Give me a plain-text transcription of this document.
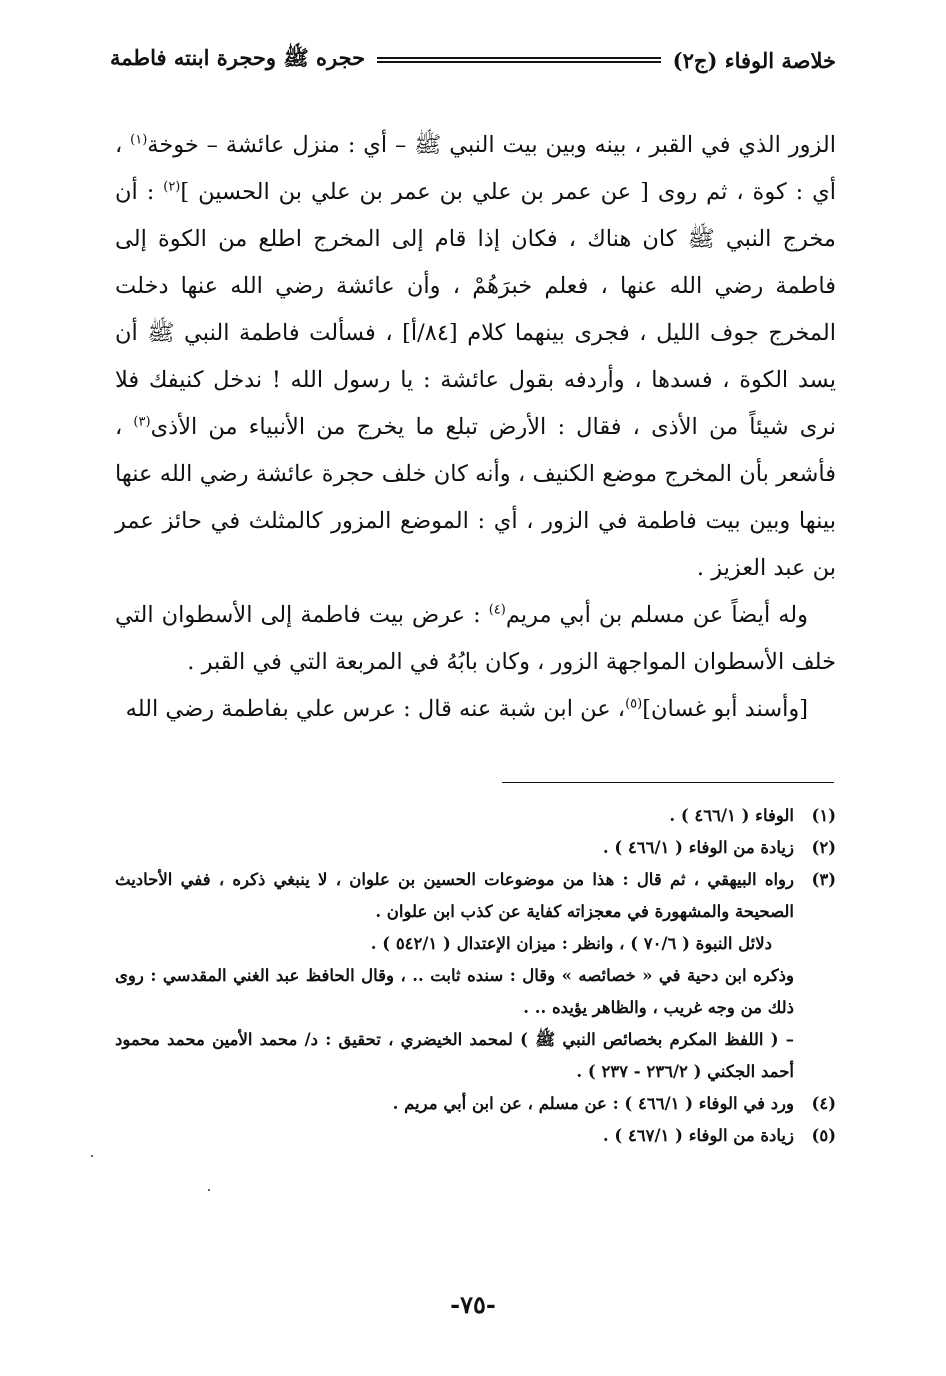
خلاصة الوفاء (ج٢)
حجره ﷺ وحجرة ابنته فاطمة

الزور الذي في القبر ، بينه وبين بيت النبي ﷺ – أي : منزل عائشة – خوخة$^{(١)}$ ، أي : كوة ، ثم روى [ عن عمر بن علي بن عمر بن علي بن الحسين ]$^{(٢)}$ : أن مخرج النبي ﷺ كان هناك ، فكان إذا قام إلى المخرج اطلع من الكوة إلى فاطمة رضي الله عنها ، فعلم خبرَهُمْ ، وأن عائشة رضي الله عنها دخلت المخرج جوف الليل ، فجرى بينهما كلام [٨٤/أ] ، فسألت فاطمة النبي ﷺ أن يسد الكوة ، فسدها ، وأردفه بقول عائشة : يا رسول الله ! ندخل كنيفك فلا نرى شيئاً من الأذى ، فقال : الأرض تبلع ما يخرج من الأنبياء من الأذى$^{(٣)}$ ، فأشعر بأن المخرج موضع الكنيف ، وأنه كان خلف حجرة عائشة رضي الله عنها بينها وبين بيت فاطمة في الزور ، أي : الموضع المزور كالمثلث في حائز عمر بن عبد العزيز .

وله أيضاً عن مسلم بن أبي مريم$^{(٤)}$ : عرض بيت فاطمة إلى الأسطوان التي خلف الأسطوان المواجهة الزور ، وكان بابُهُ في المربعة التي في القبر .

[وأسند أبو غسان]$^{(٥)}$، عن ابن شبة عنه قال : عرس علي بفاطمة رضي الله

(١)
الوفاء ( ٤٦٦/١ ) .
(٢)
زيادة من الوفاء ( ٤٦٦/١ ) .
(٣)
رواه البيهقي ، ثم قال : هذا من موضوعات الحسين بن علوان ، لا ينبغي ذكره ، ففي الأحاديث الصحيحة والمشهورة في معجزاته كفاية عن كذب ابن علوان .
دلائل النبوة ( ٧٠/٦ ) ، وانظر : ميزان الإعتدال ( ٥٤٢/١ ) .
وذكره ابن دحية في « خصائصه » وقال : سنده ثابت .. ، وقال الحافظ عبد الغني المقدسي : روى ذلك من وجه غريب ، والظاهر يؤيده .. .
– ( اللفظ المكرم بخصائص النبي ﷺ ) لمحمد الخيضري ، تحقيق : د/ محمد الأمين محمد محمود أحمد الجكني ( ٢٣٦/٢ - ٢٣٧ ) .
(٤)
ورد في الوفاء ( ٤٦٦/١ ) : عن مسلم ، عن ابن أبي مريم .
(٥)
زيادة من الوفاء ( ٤٦٧/١ ) .
-٧٥-
